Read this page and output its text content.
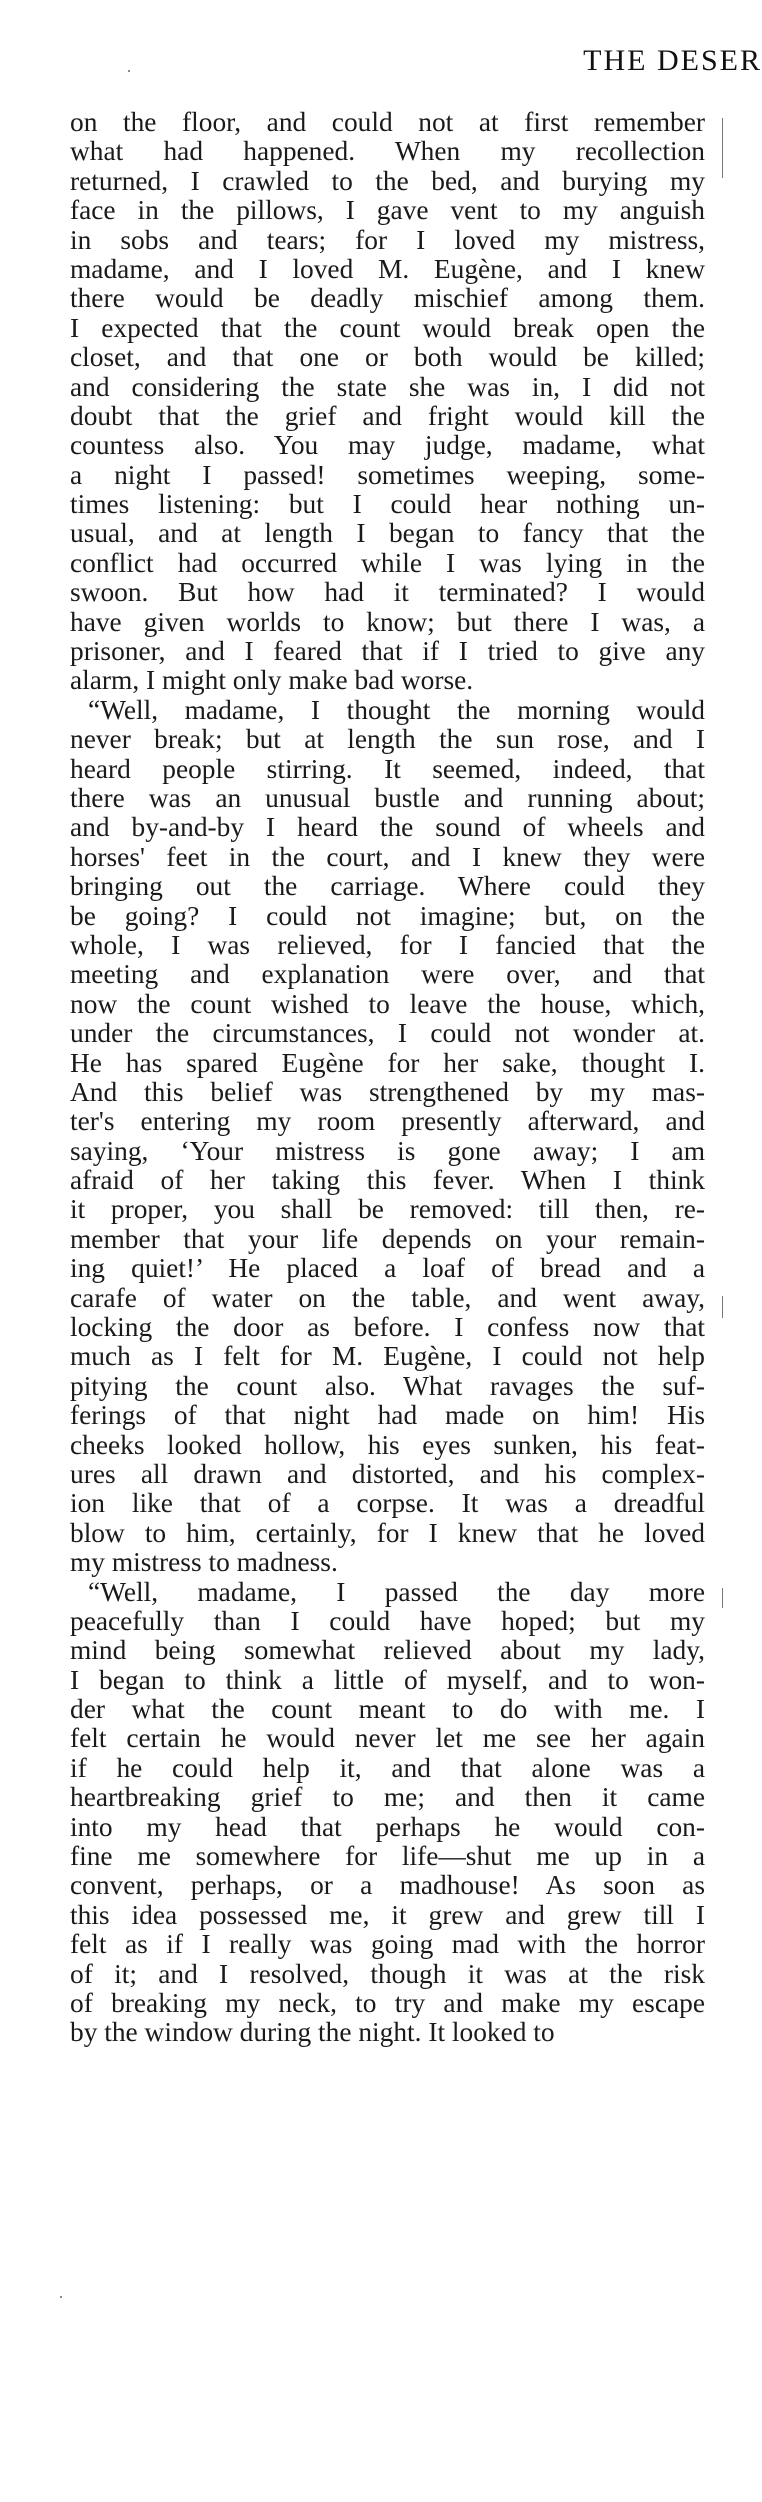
THE DESER
on the floor, and could not at first remember
what had happened. When my recollection
returned, I crawled to the bed, and burying my
face in the pillows, I gave vent to my anguish
in sobs and tears; for I loved my mistress,
madame, and I loved M. Eugène, and I knew
there would be deadly mischief among them.
I expected that the count would break open the
closet, and that one or both would be killed;
and considering the state she was in, I did not
doubt that the grief and fright would kill the
countess also. You may judge, madame, what
a night I passed! sometimes weeping, some-
times listening: but I could hear nothing un-
usual, and at length I began to fancy that the
conflict had occurred while I was lying in the
swoon. But how had it terminated? I would
have given worlds to know; but there I was, a
prisoner, and I feared that if I tried to give any
alarm, I might only make bad worse.
“Well, madame, I thought the morning would
never break; but at length the sun rose, and I
heard people stirring. It seemed, indeed, that
there was an unusual bustle and running about;
and by-and-by I heard the sound of wheels and
horses' feet in the court, and I knew they were
bringing out the carriage. Where could they
be going? I could not imagine; but, on the
whole, I was relieved, for I fancied that the
meeting and explanation were over, and that
now the count wished to leave the house, which,
under the circumstances, I could not wonder at.
He has spared Eugène for her sake, thought I.
And this belief was strengthened by my mas-
ter's entering my room presently afterward, and
saying, ‘Your mistress is gone away; I am
afraid of her taking this fever. When I think
it proper, you shall be removed: till then, re-
member that your life depends on your remain-
ing quiet!’ He placed a loaf of bread and a
carafe of water on the table, and went away,
locking the door as before. I confess now that
much as I felt for M. Eugène, I could not help
pitying the count also. What ravages the suf-
ferings of that night had made on him! His
cheeks looked hollow, his eyes sunken, his feat-
ures all drawn and distorted, and his complex-
ion like that of a corpse. It was a dreadful
blow to him, certainly, for I knew that he loved
my mistress to madness.
“Well, madame, I passed the day more
peacefully than I could have hoped; but my
mind being somewhat relieved about my lady,
I began to think a little of myself, and to won-
der what the count meant to do with me. I
felt certain he would never let me see her again
if he could help it, and that alone was a
heartbreaking grief to me; and then it came
into my head that perhaps he would con-
fine me somewhere for life—shut me up in a
convent, perhaps, or a madhouse! As soon as
this idea possessed me, it grew and grew till I
felt as if I really was going mad with the horror
of it; and I resolved, though it was at the risk
of breaking my neck, to try and make my escape
by the window during the night. It looked to
